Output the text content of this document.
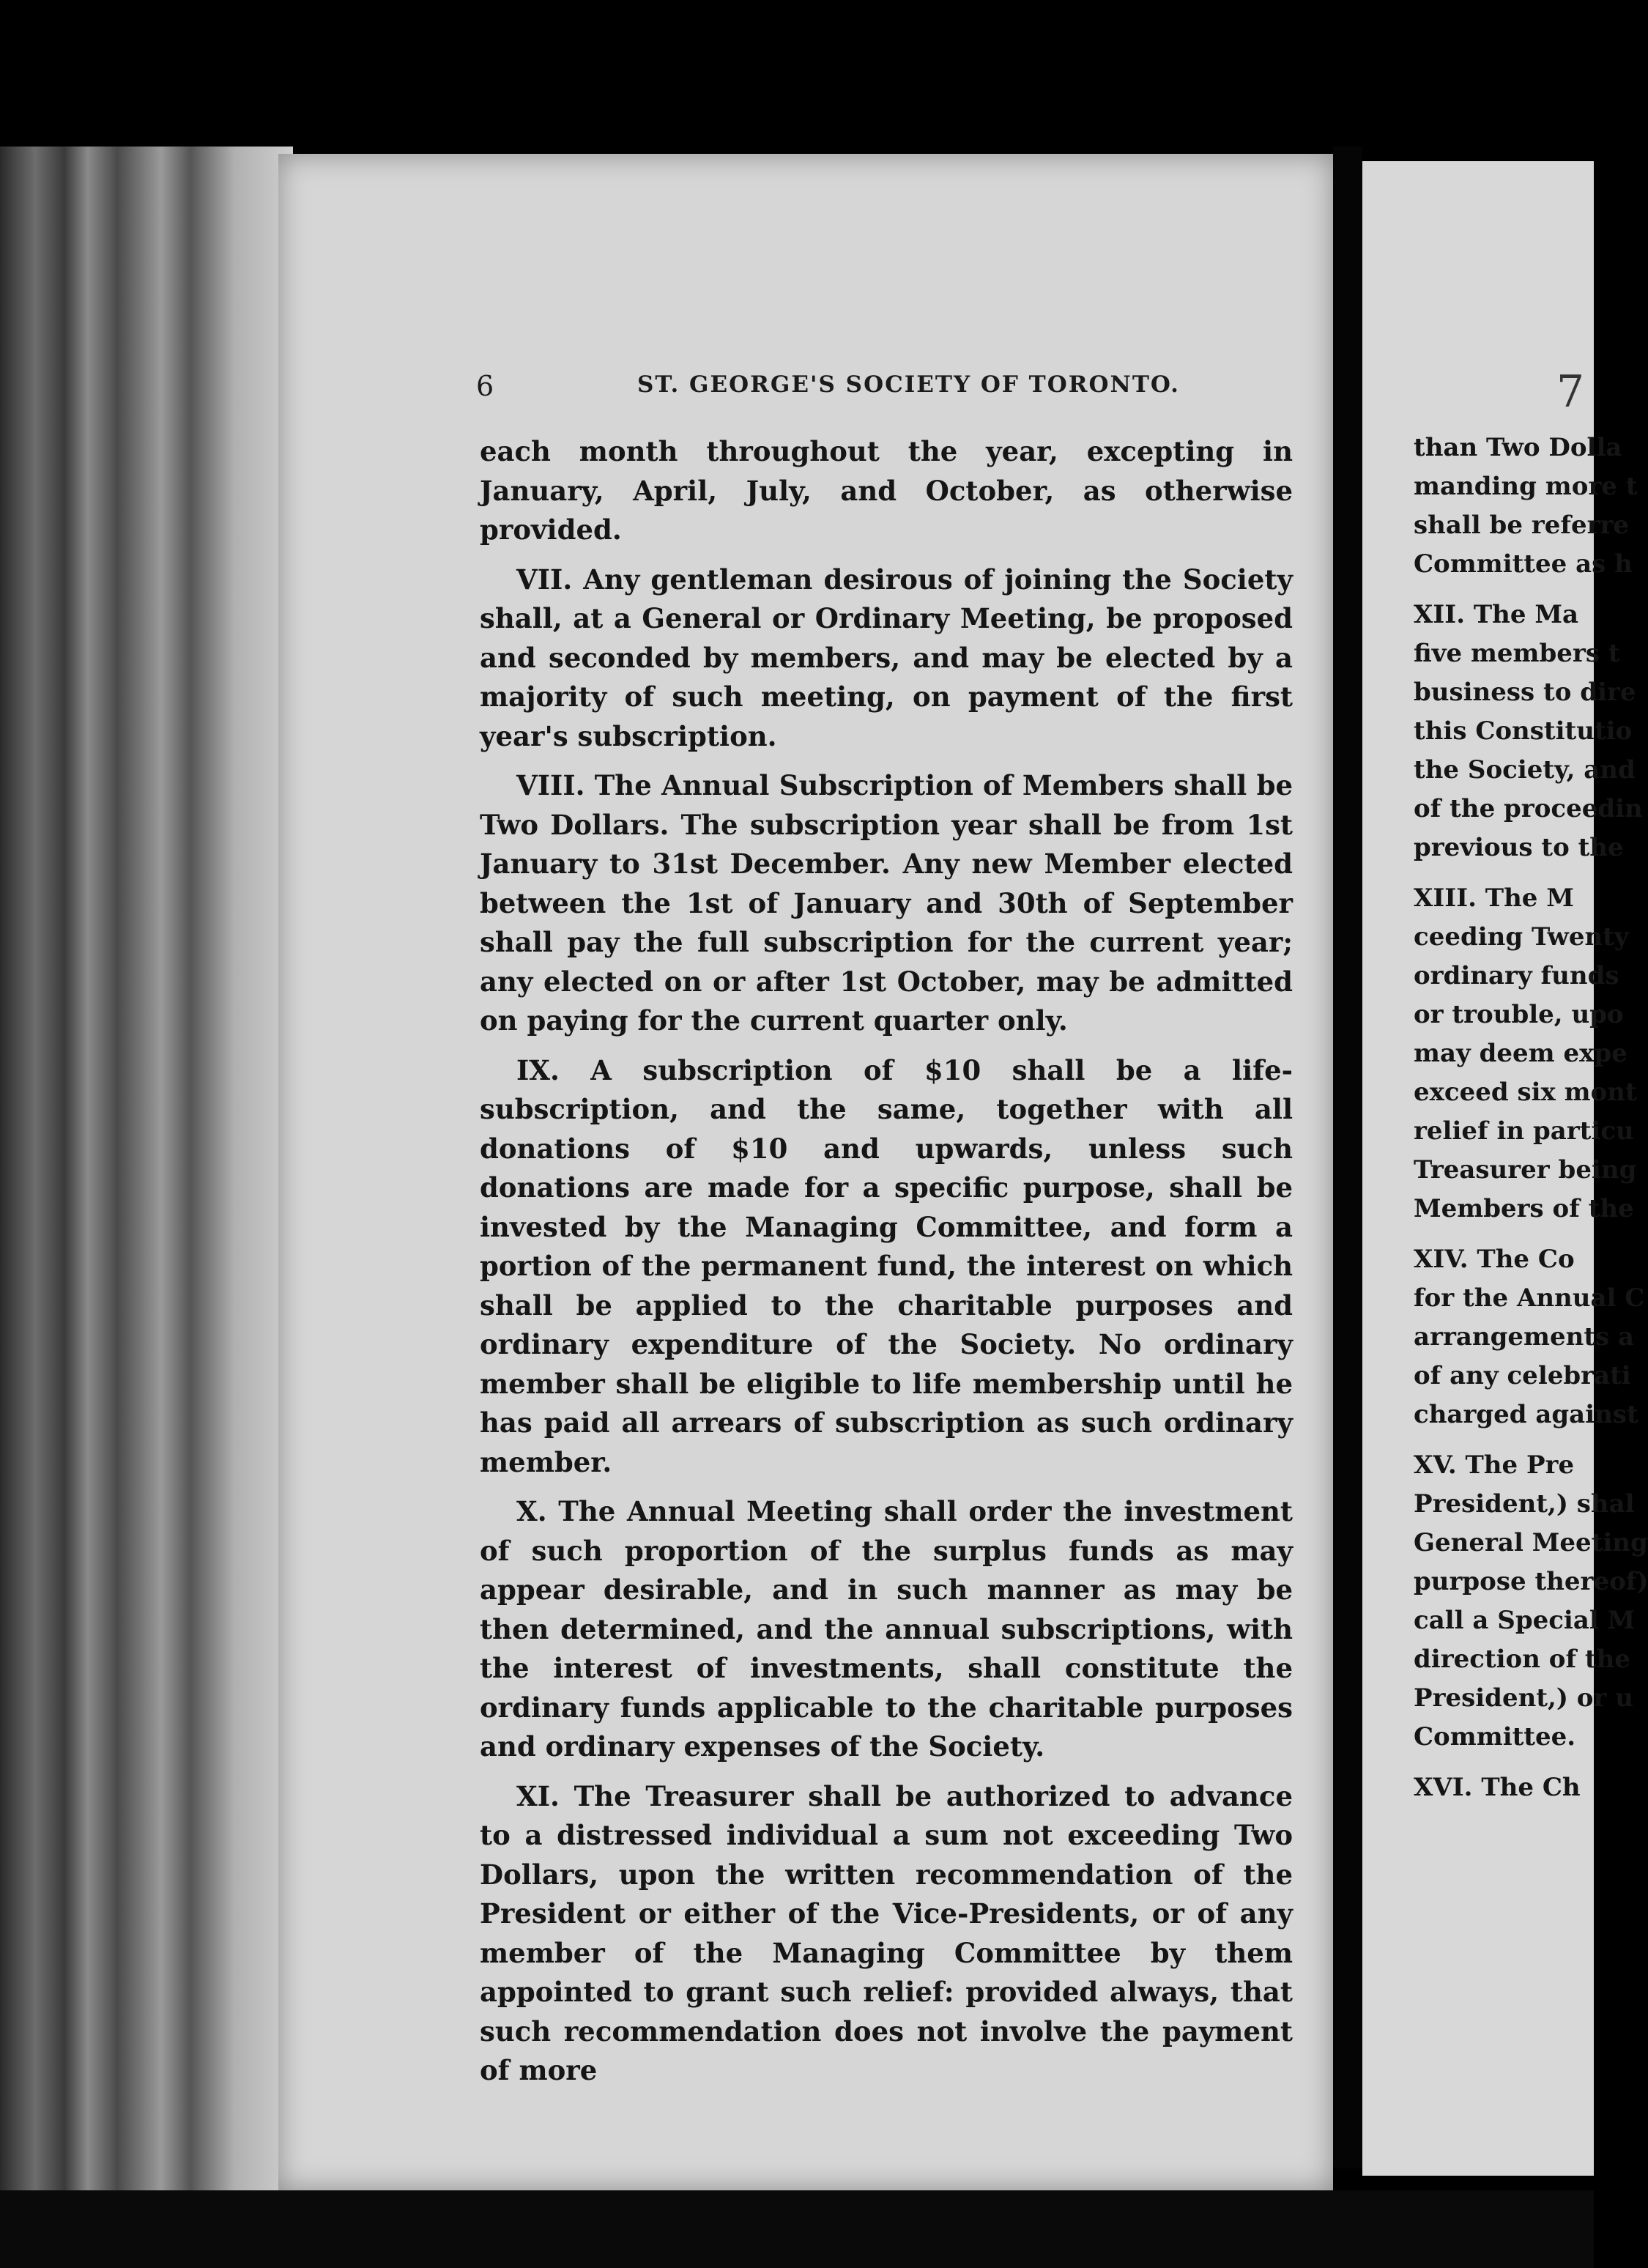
6	ST. GEORGE'S SOCIETY OF TORONTO.

each month throughout the year, excepting in January, April, July, and October, as otherwise provided.

VII. Any gentleman desirous of joining the Society shall, at a General or Ordinary Meeting, be proposed and seconded by members, and may be elected by a majority of such meeting, on payment of the first year's subscription.

VIII. The Annual Subscription of Members shall be Two Dollars. The subscription year shall be from 1st January to 31st December. Any new Member elected between the 1st of January and 30th of September shall pay the full subscription for the current year; any elected on or after 1st October, may be admitted on paying for the current quarter only.

IX. A subscription of $10 shall be a life-subscription, and the same, together with all donations of $10 and upwards, unless such donations are made for a specific purpose, shall be invested by the Managing Committee, and form a portion of the permanent fund, the interest on which shall be applied to the charitable purposes and ordinary expenditure of the Society. No ordinary member shall be eligible to life membership until he has paid all arrears of subscription as such ordinary member.

X. The Annual Meeting shall order the investment of such proportion of the surplus funds as may appear desirable, and in such manner as may be then determined, and the annual subscriptions, with the interest of investments, shall constitute the ordinary funds applicable to the charitable purposes and ordinary expenses of the Society.

XI. The Treasurer shall be authorized to advance to a distressed individual a sum not exceeding Two Dollars, upon the written recommendation of the President or either of the Vice-Presidents, or of any member of the Managing Committee by them appointed to grant such relief: provided always, that such recommendation does not involve the payment of more

7
than Two Dolla
manding more t
shall be referre
Committee as h
XII. The Ma
five members t
business to dire
this Constitutio
the Society, and
of the proceedin
previous to the
XIII. The M
ceeding Twenty
ordinary funds
or trouble, upo
may deem expe
exceed six mont
relief in particu
Treasurer being
Members of the
XIV. The Co
for the Annual C
arrangements a
of any celebrati
charged against
XV. The Pre
President,) shal
General Meeting
purpose thereof)
call a Special M
direction of the
President,) or u
Committee.
XVI. The Ch
